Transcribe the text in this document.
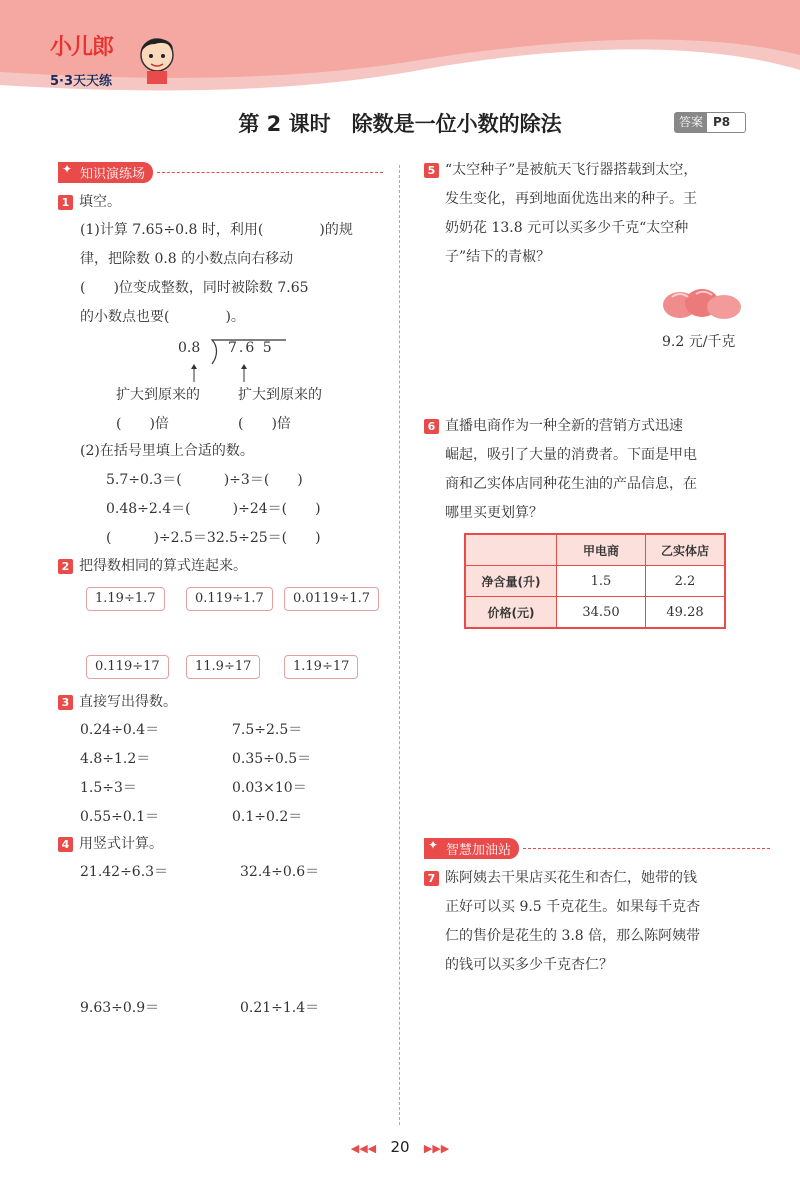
小儿郎
5·3天天练
第 2 课时　除数是一位小数的除法	答案 P8
✦ 知识演练场
1 填空。
(1)计算 7.65÷0.8 时，利用(　　　　)的规
律，把除数 0.8 的小数点向右移动
(　　)位变成整数，同时被除数 7.65
的小数点也要(　　　　)。
0.8 7.6 5
扩大到原来的
(　　)倍
扩大到原来的
(　　)倍
(2)在括号里填上合适的数。
5.7÷0.3＝(　　　)÷3＝(　　)
0.48÷2.4＝(　　　)÷24＝(　　)
(　　　)÷2.5＝32.5÷25＝(　　)
2 把得数相同的算式连起来。
1.19÷1.7	0.119÷1.7	0.0119÷1.7
0.119÷17	11.9÷17	1.19÷17
3 直接写出得数。
0.24÷0.4＝
4.8÷1.2＝
1.5÷3＝
0.55÷0.1＝
7.5÷2.5＝
0.35÷0.5＝
0.03×10＝
0.1÷0.2＝
4 用竖式计算。
21.42÷6.3＝	32.4÷0.6＝
9.63÷0.9＝	0.21÷1.4＝
5 “太空种子”是被航天飞行器搭载到太空，
发生变化，再到地面优选出来的种子。王
奶奶花 13.8 元可以买多少千克“太空种
子”结下的青椒？
9.2 元/千克
6 直播电商作为一种全新的营销方式迅速
崛起，吸引了大量的消费者。下面是甲电
商和乙实体店同种花生油的产品信息，在
哪里买更划算？
	甲电商	乙实体店
净含量(升)	1.5	2.2
价格(元)	34.50	49.28
✦ 智慧加油站
7 陈阿姨去干果店买花生和杏仁，她带的钱
正好可以买 9.5 千克花生。如果每千克杏
仁的售价是花生的 3.8 倍，那么陈阿姨带
的钱可以买多少千克杏仁？
◀◀◀ 20 ▶▶▶
